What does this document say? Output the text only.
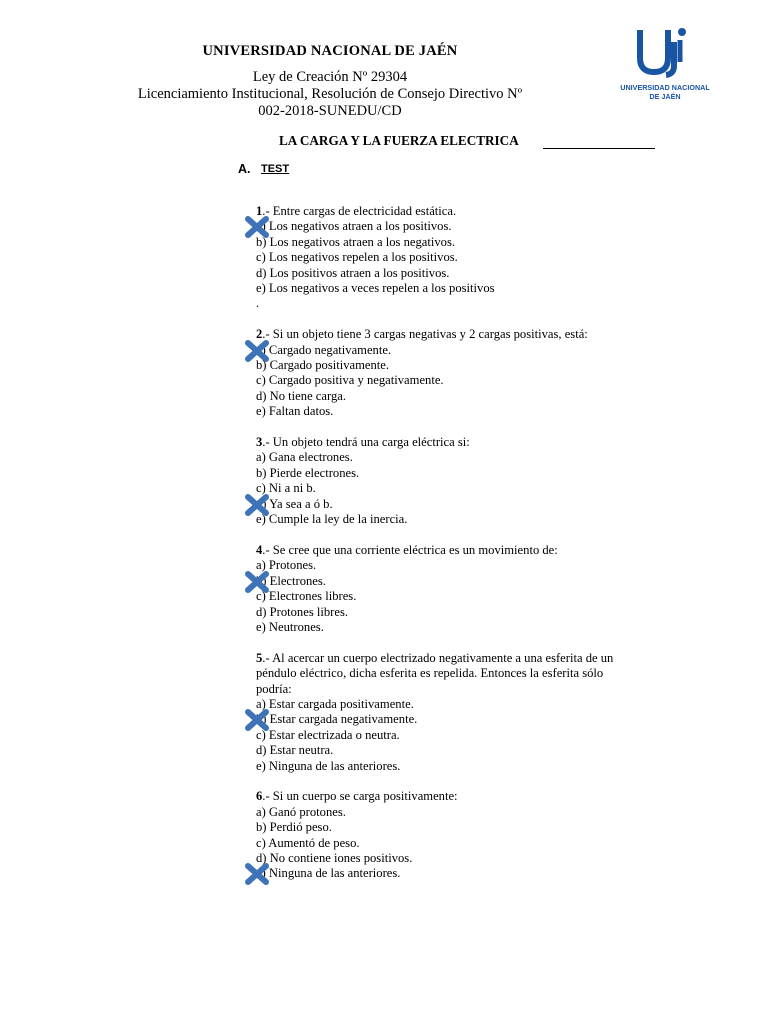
UNIVERSIDAD NACIONAL DE JAÉN
Ley de Creación Nº 29304
Licenciamiento Institucional, Resolución de Consejo Directivo Nº
002-2018-SUNEDU/CD
UNIVERSIDAD NACIONAL
DE JAÉN
LA CARGA Y LA FUERZA ELECTRICA
A. TEST
1.- Entre cargas de electricidad estática.
a) Los negativos atraen a los positivos.
b) Los negativos atraen a los negativos.
c) Los negativos repelen a los positivos.
d) Los positivos atraen a los positivos.
e) Los negativos a veces repelen a los positivos
.
2.- Si un objeto tiene 3 cargas negativas y 2 cargas positivas, está:
a) Cargado negativamente.
b) Cargado positivamente.
c) Cargado positiva y negativamente.
d) No tiene carga.
e) Faltan datos.
3.- Un objeto tendrá una carga eléctrica si:
a) Gana electrones.
b) Pierde electrones.
c) Ni a ni b.
d) Ya sea a ó b.
e) Cumple la ley de la inercia.
4.- Se cree que una corriente eléctrica es un movimiento de:
a) Protones.
b) Electrones.
c) Electrones libres.
d) Protones libres.
e) Neutrones.
5.- Al acercar un cuerpo electrizado negativamente a una esferita de un péndulo eléctrico, dicha esferita es repelida. Entonces la esferita sólo podría:
a) Estar cargada positivamente.
b) Estar cargada negativamente.
c) Estar electrizada o neutra.
d) Estar neutra.
e) Ninguna de las anteriores.
6.- Si un cuerpo se carga positivamente:
a) Ganó protones.
b) Perdió peso.
c) Aumentó de peso.
d) No contiene iones positivos.
e) Ninguna de las anteriores.
